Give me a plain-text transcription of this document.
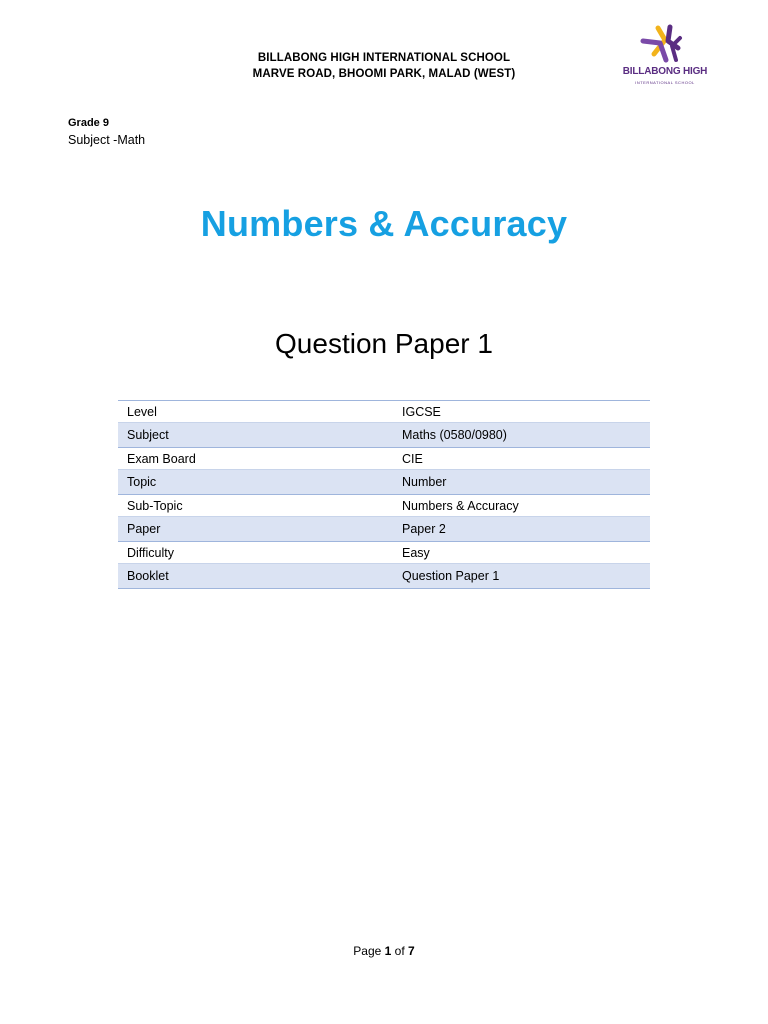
BILLABONG HIGH INTERNATIONAL SCHOOL
MARVE ROAD, BHOOMI PARK, MALAD (WEST)	BILLABONG HIGH
INTERNATIONAL SCHOOL
Grade 9
Subject -Math
Numbers & Accuracy
Question Paper 1
Level	IGCSE
Subject	Maths (0580/0980)
Exam Board	CIE
Topic	Number
Sub-Topic	Numbers & Accuracy
Paper	Paper 2
Difficulty	Easy
Booklet	Question Paper 1
Page 1 of 7
